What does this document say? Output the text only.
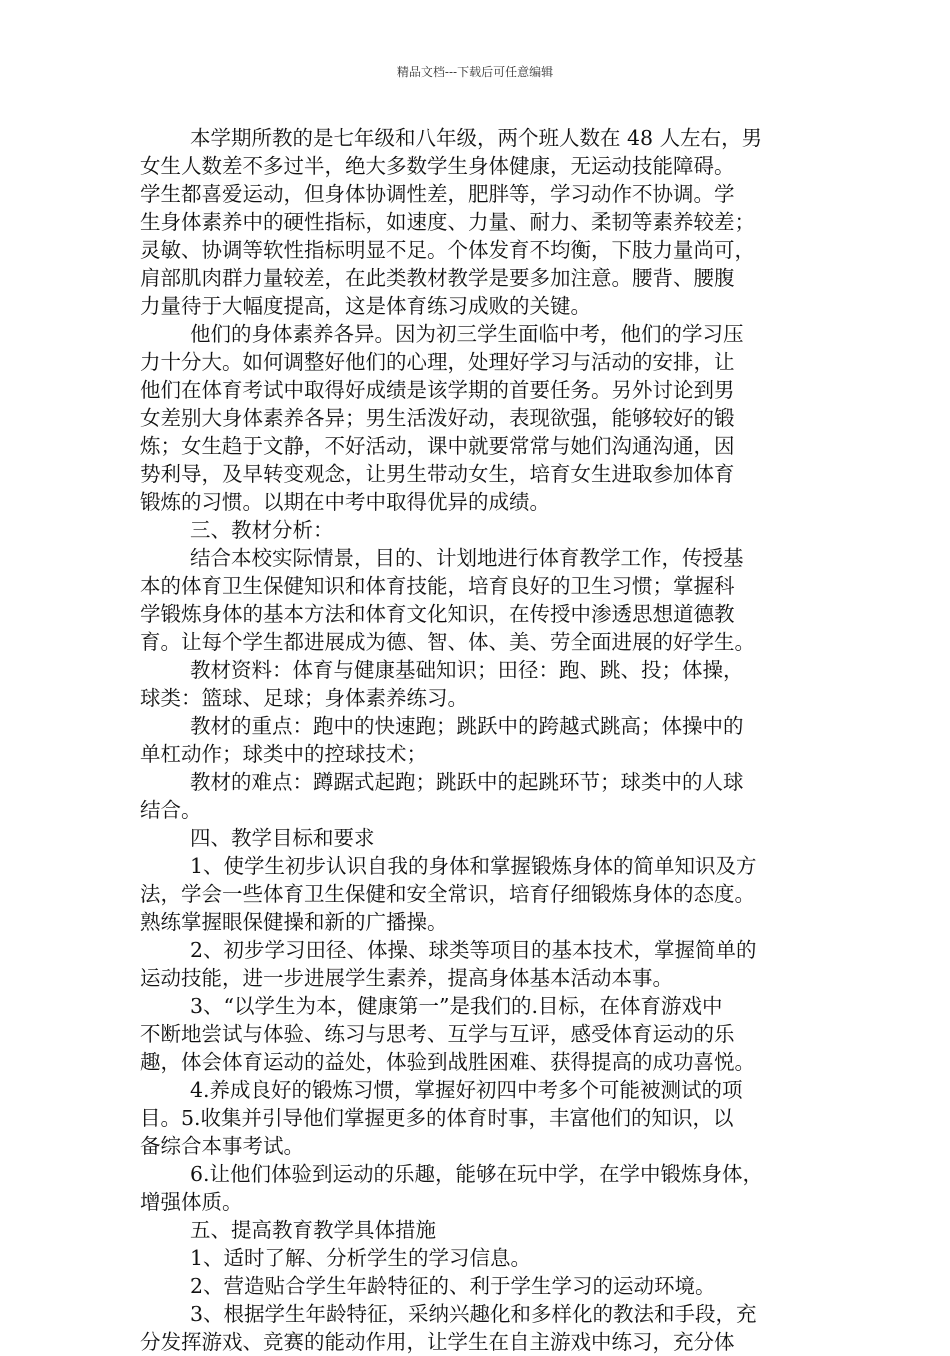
精品文档---下载后可任意编辑
本学期所教的是七年级和八年级，两个班人数在 48 人左右，男
女生人数差不多过半，绝大多数学生身体健康，无运动技能障碍。
学生都喜爱运动，但身体协调性差，肥胖等，学习动作不协调。学
生身体素养中的硬性指标，如速度、力量、耐力、柔韧等素养较差；
灵敏、协调等软性指标明显不足。个体发育不均衡，下肢力量尚可，
肩部肌肉群力量较差，在此类教材教学是要多加注意。腰背、腰腹
力量待于大幅度提高，这是体育练习成败的关键。
他们的身体素养各异。因为初三学生面临中考，他们的学习压
力十分大。如何调整好他们的心理，处理好学习与活动的安排，让
他们在体育考试中取得好成绩是该学期的首要任务。另外讨论到男
女差别大身体素养各异；男生活泼好动，表现欲强，能够较好的锻
炼；女生趋于文静，不好活动，课中就要常常与她们沟通沟通，因
势利导，及早转变观念，让男生带动女生，培育女生进取参加体育
锻炼的习惯。以期在中考中取得优异的成绩。
三、教材分析：
结合本校实际情景，目的、计划地进行体育教学工作，传授基
本的体育卫生保健知识和体育技能，培育良好的卫生习惯；掌握科
学锻炼身体的基本方法和体育文化知识，在传授中渗透思想道德教
育。让每个学生都进展成为德、智、体、美、劳全面进展的好学生。
教材资料：体育与健康基础知识；田径：跑、跳、投；体操，
球类：篮球、足球；身体素养练习。
教材的重点：跑中的快速跑；跳跃中的跨越式跳高；体操中的
单杠动作；球类中的控球技术；
教材的难点：蹲踞式起跑；跳跃中的起跳环节；球类中的人球
结合。
四、教学目标和要求
1、使学生初步认识自我的身体和掌握锻炼身体的简单知识及方
法，学会一些体育卫生保健和安全常识，培育仔细锻炼身体的态度。
熟练掌握眼保健操和新的广播操。
2、初步学习田径、体操、球类等项目的基本技术，掌握简单的
运动技能，进一步进展学生素养，提高身体基本活动本事。
3、“以学生为本，健康第一”是我们的.目标，在体育游戏中
不断地尝试与体验、练习与思考、互学与互评，感受体育运动的乐
趣，体会体育运动的益处，体验到战胜困难、获得提高的成功喜悦。
4.养成良好的锻炼习惯，掌握好初四中考多个可能被测试的项
目。5.收集并引导他们掌握更多的体育时事，丰富他们的知识，以
备综合本事考试。
6.让他们体验到运动的乐趣，能够在玩中学，在学中锻炼身体，
增强体质。
五、提高教育教学具体措施
1、适时了解、分析学生的学习信息。
2、营造贴合学生年龄特征的、利于学生学习的运动环境。
3、根据学生年龄特征，采纳兴趣化和多样化的教法和手段，充
分发挥游戏、竞赛的能动作用，让学生在自主游戏中练习，充分体
